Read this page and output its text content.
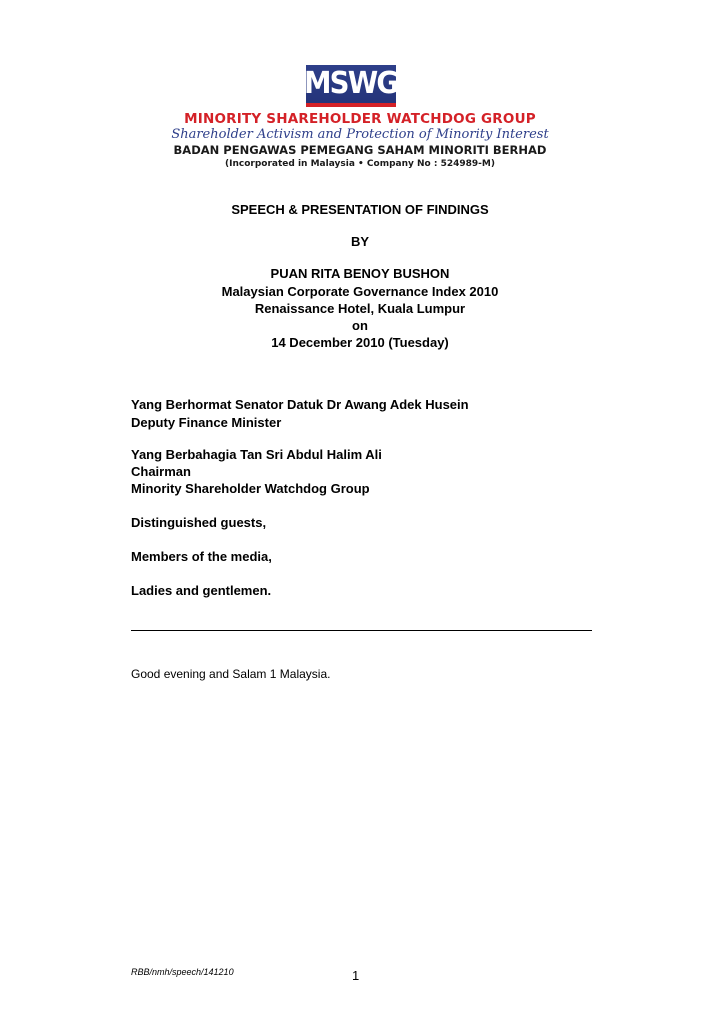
MSWG
MINORITY SHAREHOLDER WATCHDOG GROUP
Shareholder Activism and Protection of Minority Interest
BADAN PENGAWAS PEMEGANG SAHAM MINORITI BERHAD
(Incorporated in Malaysia • Company No : 524989-M)
SPEECH & PRESENTATION OF FINDINGS
BY
PUAN RITA BENOY BUSHON
Malaysian Corporate Governance Index 2010
Renaissance Hotel, Kuala Lumpur
on
14 December 2010 (Tuesday)
Yang Berhormat Senator Datuk Dr Awang Adek Husein
Deputy Finance Minister
Yang Berbahagia Tan Sri Abdul Halim Ali
Chairman
Minority Shareholder Watchdog Group
Distinguished guests,
Members of the media,
Ladies and gentlemen.
Good evening and Salam 1 Malaysia.
RBB/nmh/speech/141210	1
